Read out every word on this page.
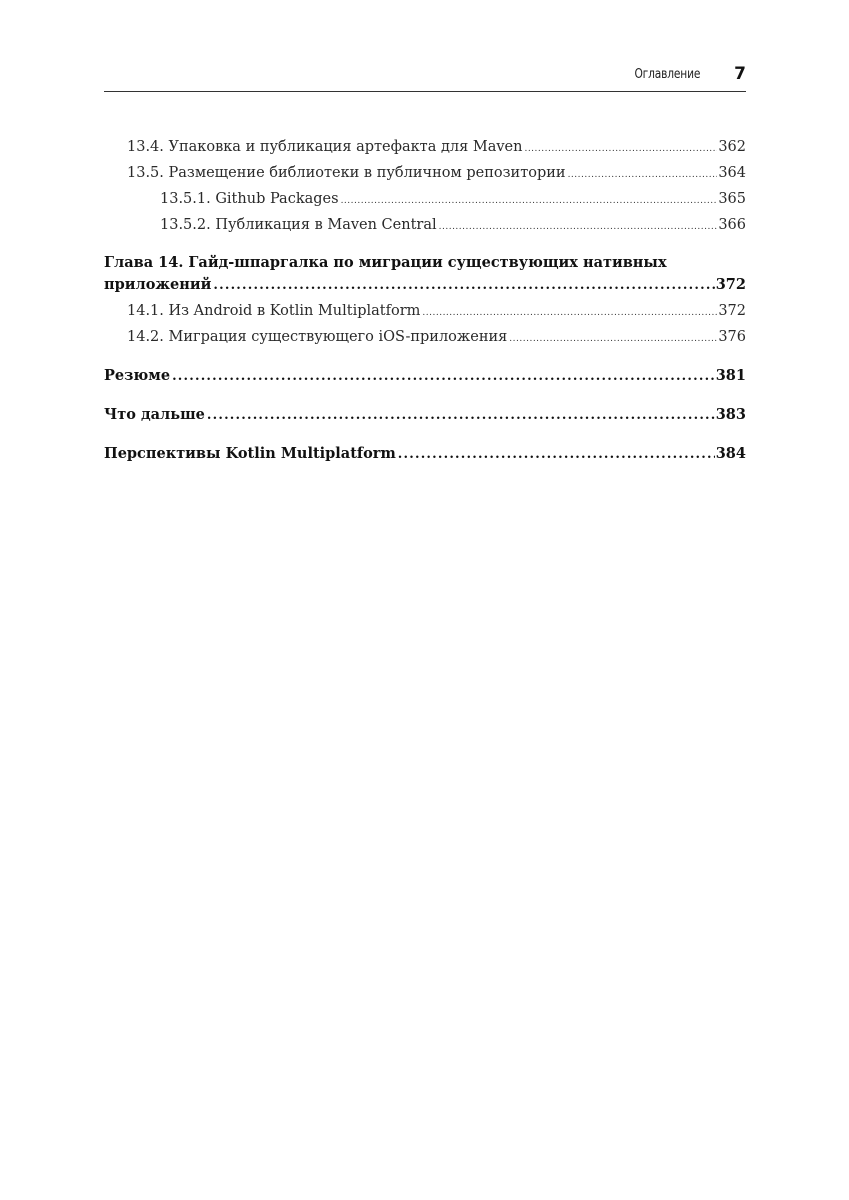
Оглавление 7
13.4. Упаковка и публикация артефакта для Maven .....	362
13.5. Размещение библиотеки в публичном репозитории .....	364
13.5.1. Github Packages .....	365
13.5.2. Публикация в Maven Central .....	366
Глава 14. Гайд-шпаргалка по миграции существующих нативных
приложений .....	372
14.1. Из Android в Kotlin Multiplatform .....	372
14.2. Миграция существующего iOS-приложения .....	376
Резюме .....	381
Что дальше .....	383
Перспективы Kotlin Multiplatform .....	384
